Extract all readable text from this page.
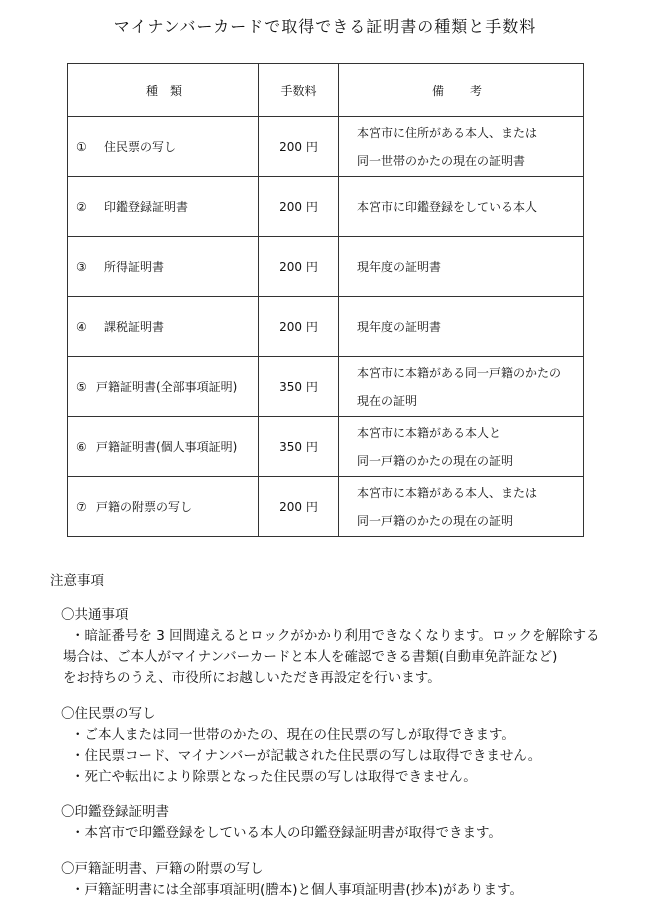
マイナンバーカードで取得できる証明書の種類と手数料
種 類	手数料	備 考
① 住民票の写し	200 円	本宮市に住所がある本人、または
同一世帯のかたの現在の証明書

② 印鑑登録証明書	200 円	本宮市に印鑑登録をしている本人

③ 所得証明書	200 円	現年度の証明書

④ 課税証明書	200 円	現年度の証明書

⑤ 戸籍証明書(全部事項証明)	350 円	本宮市に本籍がある同一戸籍のかたの
現在の証明

⑥ 戸籍証明書(個人事項証明)	350 円	本宮市に本籍がある本人と
同一戸籍のかたの現在の証明

⑦ 戸籍の附票の写し	200 円	本宮市に本籍がある本人、または
同一戸籍のかたの現在の証明
注意事項
〇共通事項
・暗証番号を 3 回間違えるとロックがかかり利用できなくなります。ロックを解除する
場合は、ご本人がマイナンバーカードと本人を確認できる書類(自動車免許証など)
をお持ちのうえ、市役所にお越しいただき再設定を行います。
〇住民票の写し
・ご本人または同一世帯のかたの、現在の住民票の写しが取得できます。
・住民票コード、マイナンバーが記載された住民票の写しは取得できません。
・死亡や転出により除票となった住民票の写しは取得できません。
〇印鑑登録証明書
・本宮市で印鑑登録をしている本人の印鑑登録証明書が取得できます。
〇戸籍証明書、戸籍の附票の写し
・戸籍証明書には全部事項証明(謄本)と個人事項証明書(抄本)があります。
